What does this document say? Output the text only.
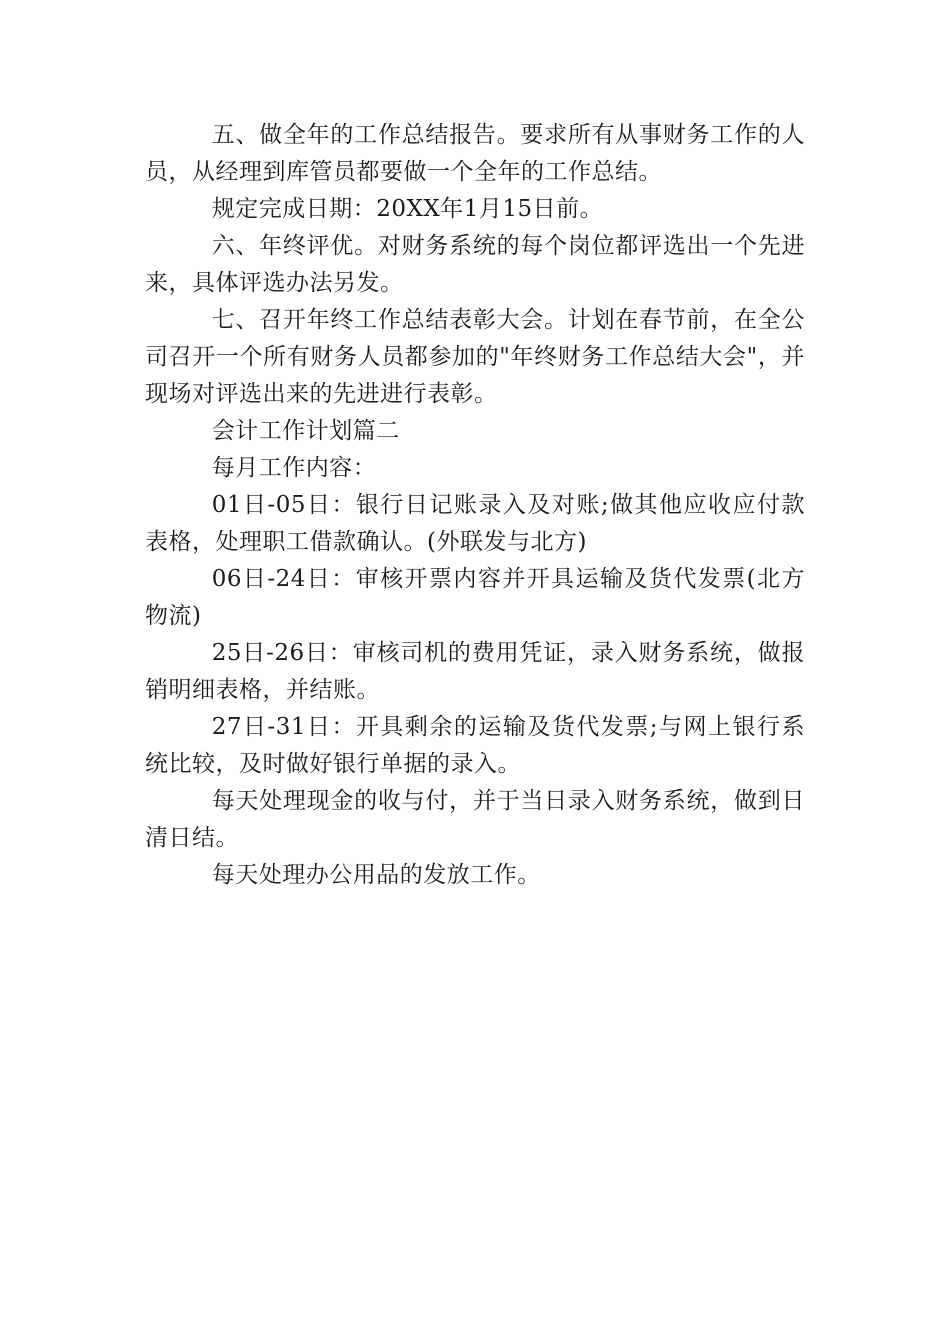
五、做全年的工作总结报告。要求所有从事财务工作的人员，从经理到库管员都要做一个全年的工作总结。

规定完成日期：20XX年1月15日前。

六、年终评优。对财务系统的每个岗位都评选出一个先进来，具体评选办法另发。

七、召开年终工作总结表彰大会。计划在春节前，在全公司召开一个所有财务人员都参加的"年终财务工作总结大会"，并现场对评选出来的先进进行表彰。

会计工作计划篇二

每月工作内容：

01日-05日：银行日记账录入及对账;做其他应收应付款表格，处理职工借款确认。(外联发与北方)

06日-24日：审核开票内容并开具运输及货代发票(北方物流)

25日-26日：审核司机的费用凭证，录入财务系统，做报销明细表格，并结账。

27日-31日：开具剩余的运输及货代发票;与网上银行系统比较，及时做好银行单据的录入。

每天处理现金的收与付，并于当日录入财务系统，做到日清日结。

每天处理办公用品的发放工作。
